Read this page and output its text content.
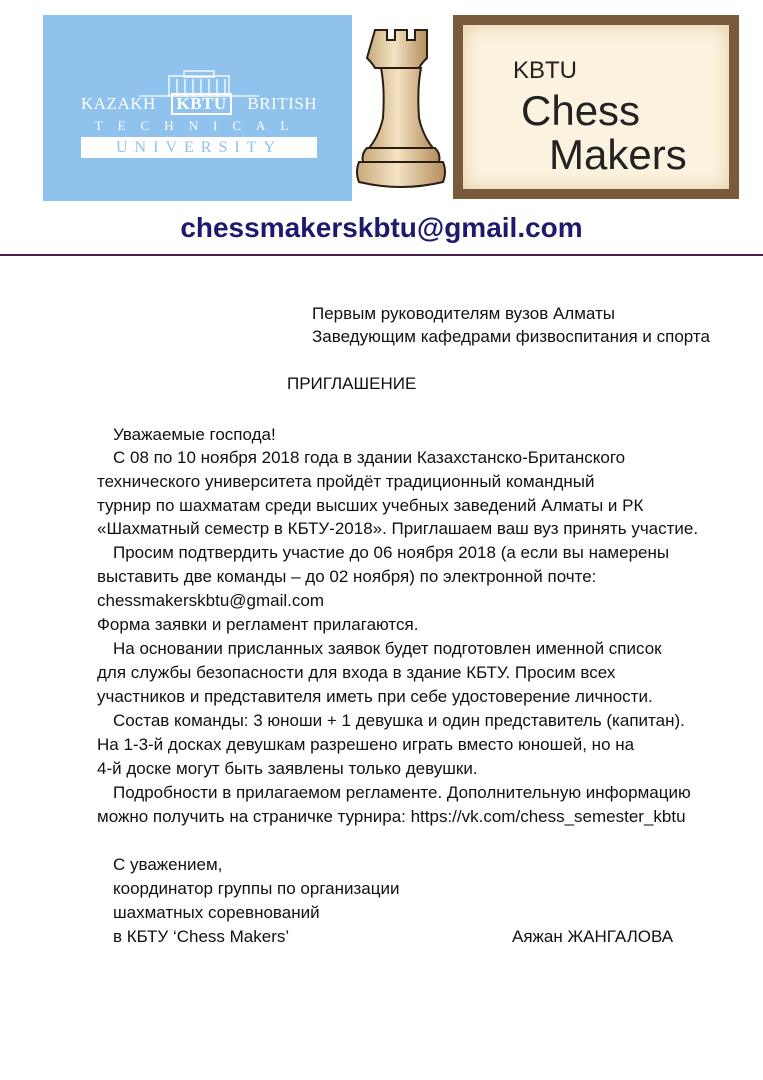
KAZAKH KBTU BRITISH
TECHNICAL
UNIVERSITY
KBTU
Chess
Makers
chessmakerskbtu@gmail.com
Первым руководителям вузов Алматы
Заведующим кафедрами физвоспитания и спорта
ПРИГЛАШЕНИЕ
Уважаемые господа!
С 08 по 10 ноября 2018 года в здании Казахстанско-Британского
технического университета пройдёт традиционный командный
турнир по шахматам среди высших учебных заведений Алматы и РК
«Шахматный семестр в КБТУ-2018». Приглашаем ваш вуз принять участие.
Просим подтвердить участие до 06 ноября 2018 (а если вы намерены
выставить две команды – до 02 ноября) по электронной почте:
chessmakerskbtu@gmail.com
Форма заявки и регламент прилагаются.
На основании присланных заявок будет подготовлен именной список
для службы безопасности для входа в здание КБТУ. Просим всех
участников и представителя иметь при себе удостоверение личности.
Состав команды: 3 юноши + 1 девушка и один представитель (капитан).
На 1-3-й досках девушкам разрешено играть вместо юношей, но на
4-й доске могут быть заявлены только девушки.
Подробности в прилагаемом регламенте. Дополнительную информацию
можно получить на страничке турнира: https://vk.com/chess_semester_kbtu
С уважением,
координатор группы по организации
шахматных соревнований
в КБТУ ‘Chess Makers’	Аяжан ЖАНГАЛОВА
